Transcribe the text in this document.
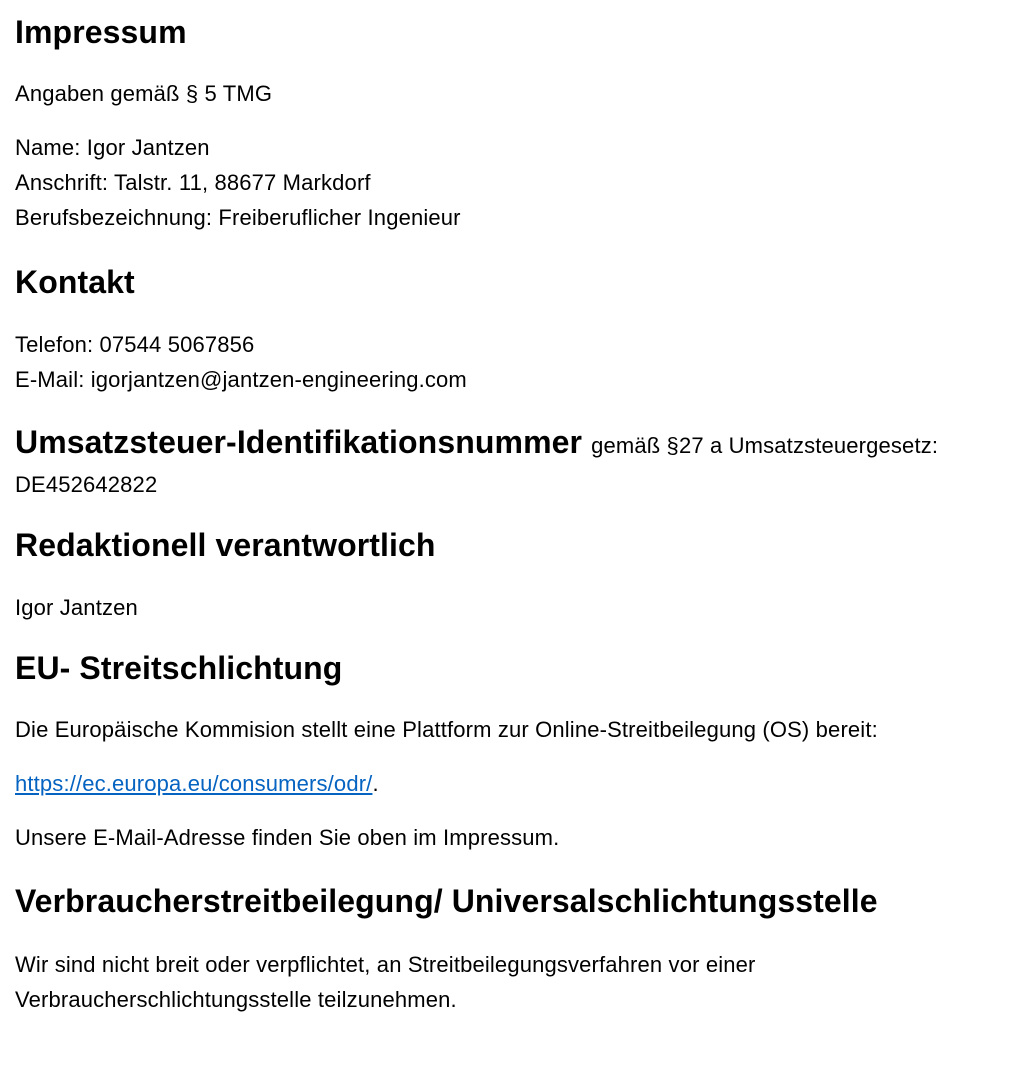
Impressum

Angaben gemäß § 5 TMG

Name: Igor Jantzen
Anschrift: Talstr. 11, 88677 Markdorf
Berufsbezeichnung: Freiberuflicher Ingenieur

Kontakt

Telefon: 07544 5067856
E-Mail: igorjantzen@jantzen-engineering.com

Umsatzsteuer-Identifikationsnummer gemäß §27 a Umsatzsteuergesetz:

DE452642822

Redaktionell verantwortlich

Igor Jantzen

EU- Streitschlichtung

Die Europäische Kommision stellt eine Plattform zur Online-Streitbeilegung (OS) bereit:

https://ec.europa.eu/consumers/odr/.

Unsere E-Mail-Adresse finden Sie oben im Impressum.

Verbraucherstreitbeilegung/ Universalschlichtungsstelle

Wir sind nicht breit oder verpflichtet, an Streitbeilegungsverfahren vor einer
Verbraucherschlichtungsstelle teilzunehmen.
